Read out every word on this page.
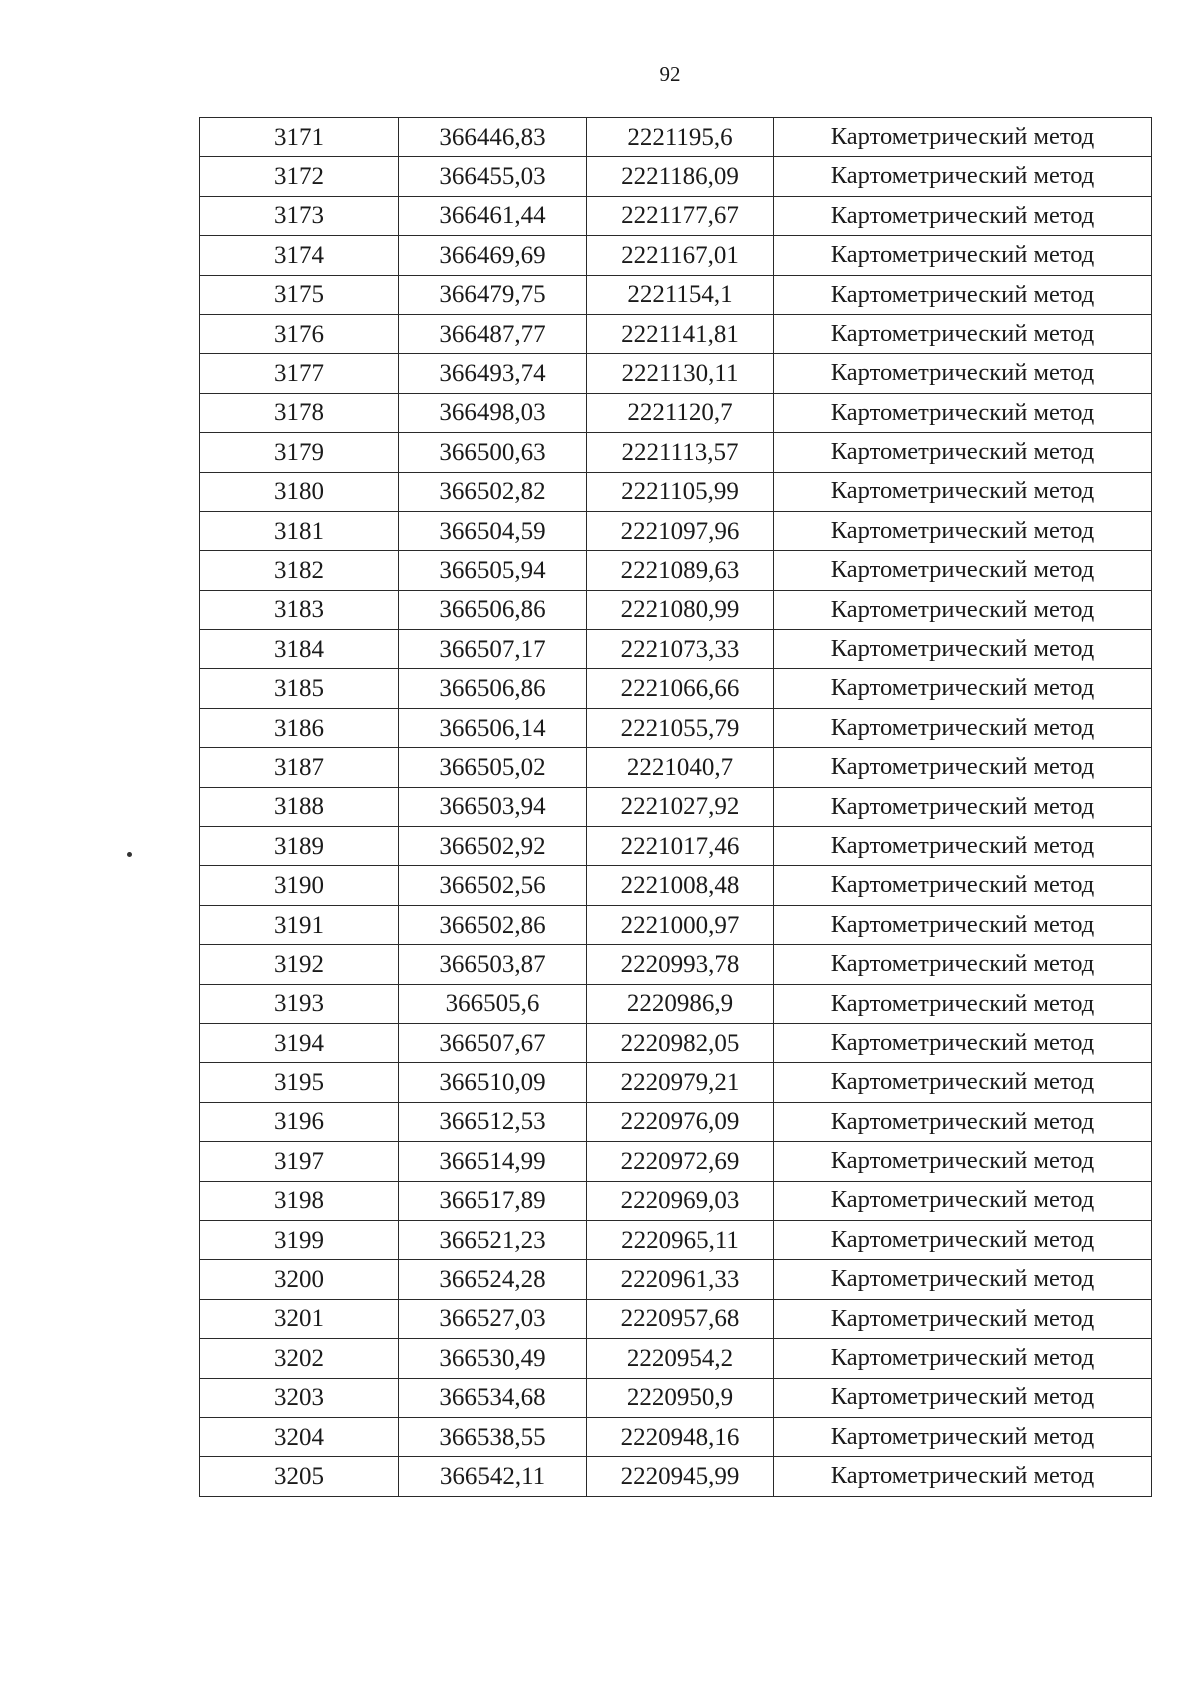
92
3171	366446,83	2221195,6	Картометрический метод
3172	366455,03	2221186,09	Картометрический метод
3173	366461,44	2221177,67	Картометрический метод
3174	366469,69	2221167,01	Картометрический метод
3175	366479,75	2221154,1	Картометрический метод
3176	366487,77	2221141,81	Картометрический метод
3177	366493,74	2221130,11	Картометрический метод
3178	366498,03	2221120,7	Картометрический метод
3179	366500,63	2221113,57	Картометрический метод
3180	366502,82	2221105,99	Картометрический метод
3181	366504,59	2221097,96	Картометрический метод
3182	366505,94	2221089,63	Картометрический метод
3183	366506,86	2221080,99	Картометрический метод
3184	366507,17	2221073,33	Картометрический метод
3185	366506,86	2221066,66	Картометрический метод
3186	366506,14	2221055,79	Картометрический метод
3187	366505,02	2221040,7	Картометрический метод
3188	366503,94	2221027,92	Картометрический метод
3189	366502,92	2221017,46	Картометрический метод
3190	366502,56	2221008,48	Картометрический метод
3191	366502,86	2221000,97	Картометрический метод
3192	366503,87	2220993,78	Картометрический метод
3193	366505,6	2220986,9	Картометрический метод
3194	366507,67	2220982,05	Картометрический метод
3195	366510,09	2220979,21	Картометрический метод
3196	366512,53	2220976,09	Картометрический метод
3197	366514,99	2220972,69	Картометрический метод
3198	366517,89	2220969,03	Картометрический метод
3199	366521,23	2220965,11	Картометрический метод
3200	366524,28	2220961,33	Картометрический метод
3201	366527,03	2220957,68	Картометрический метод
3202	366530,49	2220954,2	Картометрический метод
3203	366534,68	2220950,9	Картометрический метод
3204	366538,55	2220948,16	Картометрический метод
3205	366542,11	2220945,99	Картометрический метод
